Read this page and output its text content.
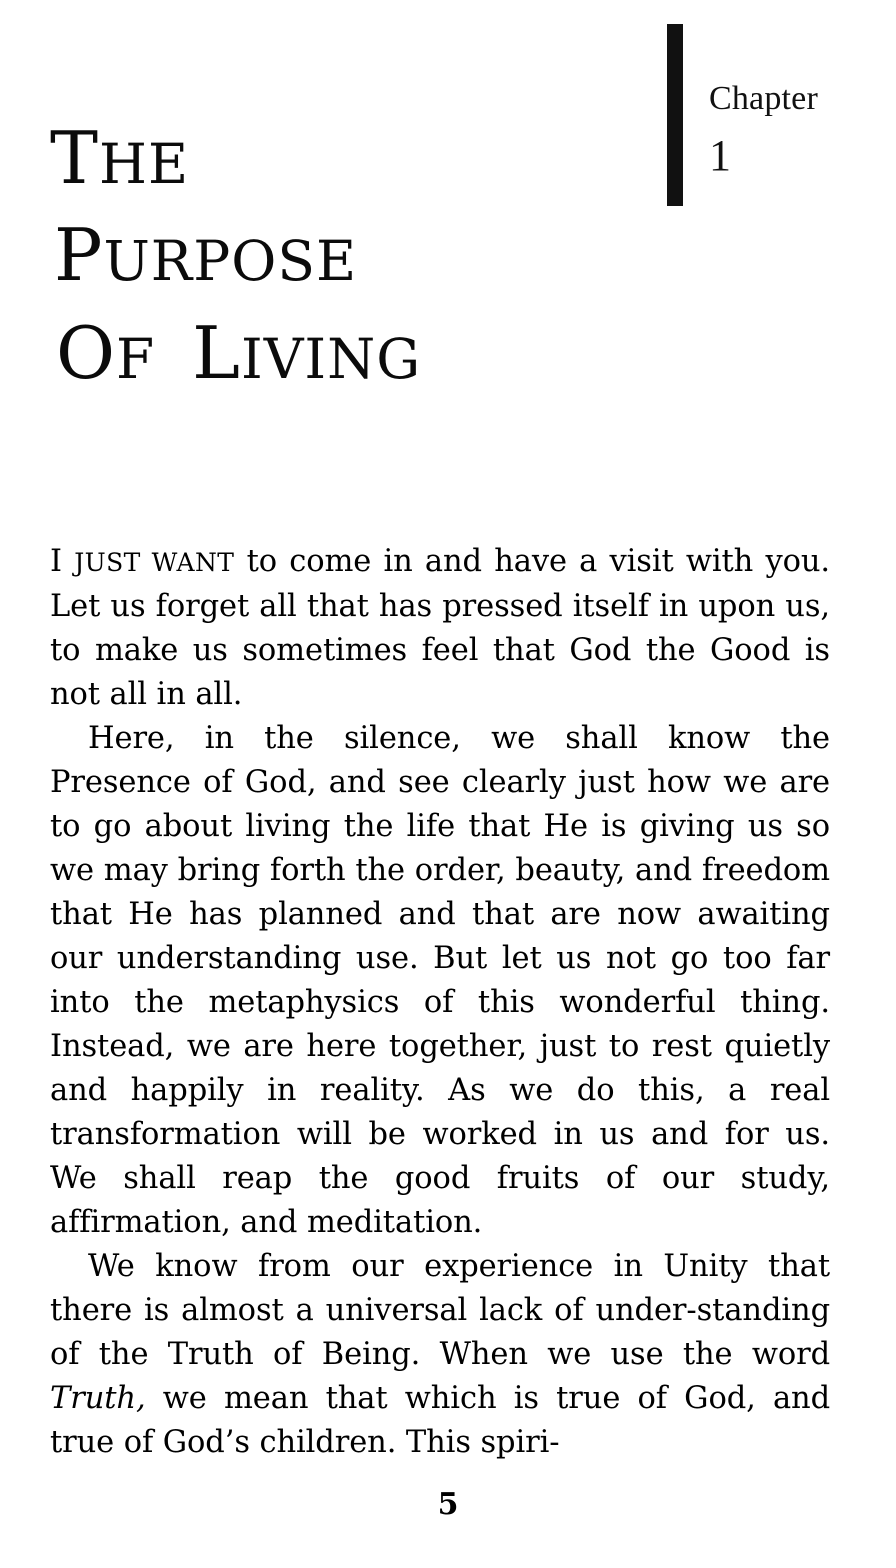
Chapter
1
THE
PURPOSE
OF LIVING

I JUST WANT to come in and have a visit with you. Let us forget all that has pressed itself in upon us, to make us sometimes feel that God the Good is not all in all.

Here, in the silence, we shall know the Presence of God, and see clearly just how we are to go about living the life that He is giving us so we may bring forth the order, beauty, and freedom that He has planned and that are now awaiting our understanding use. But let us not go too far into the metaphysics of this wonderful thing. Instead, we are here together, just to rest quietly and happily in reality. As we do this, a real transformation will be worked in us and for us. We shall reap the good fruits of our study, affirmation, and meditation.

We know from our experience in Unity that there is almost a universal lack of under-standing of the Truth of Being. When we use the word Truth, we mean that which is true of God, and true of God’s children. This spiri-

5
